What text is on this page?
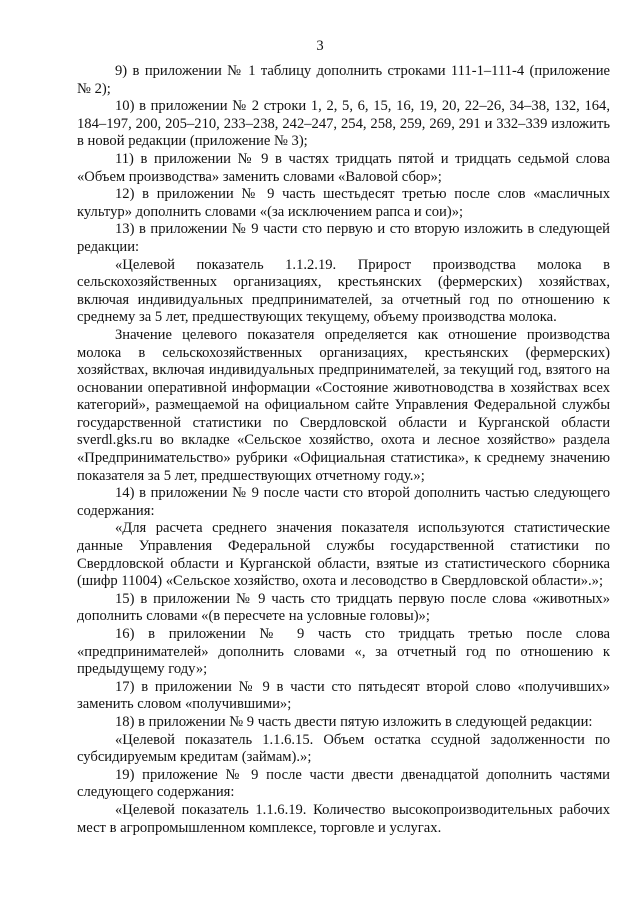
3

9) в приложении № 1 таблицу дополнить строками 111-1–111-4 (приложение № 2);

10) в приложении № 2 строки 1, 2, 5, 6, 15, 16, 19, 20, 22–26, 34–38, 132, 164, 184–197, 200, 205–210, 233–238, 242–247, 254, 258, 259, 269, 291 и 332–339 изложить в новой редакции (приложение № 3);

11) в приложении № 9 в частях тридцать пятой и тридцать седьмой слова «Объем производства» заменить словами «Валовой сбор»;

12) в приложении № 9 часть шестьдесят третью после слов «масличных культур» дополнить словами «(за исключением рапса и сои)»;

13) в приложении № 9 части сто первую и сто вторую изложить в следующей редакции:

«Целевой показатель 1.1.2.19. Прирост производства молока в сельскохозяйственных организациях, крестьянских (фермерских) хозяйствах, включая индивидуальных предпринимателей, за отчетный год по отношению к среднему за 5 лет, предшествующих текущему, объему производства молока.

Значение целевого показателя определяется как отношение производства молока в сельскохозяйственных организациях, крестьянских (фермерских) хозяйствах, включая индивидуальных предпринимателей, за текущий год, взятого на основании оперативной информации «Состояние животноводства в хозяйствах всех категорий», размещаемой на официальном сайте Управления Федеральной службы государственной статистики по Свердловской области и Курганской области sverdl.gks.ru во вкладке «Сельское хозяйство, охота и лесное хозяйство» раздела «Предпринимательство» рубрики «Официальная статистика», к среднему значению показателя за 5 лет, предшествующих отчетному году.»;

14) в приложении № 9 после части сто второй дополнить частью следующего содержания:

«Для расчета среднего значения показателя используются статистические данные Управления Федеральной службы государственной статистики по Свердловской области и Курганской области, взятые из статистического сборника (шифр 11004) «Сельское хозяйство, охота и лесоводство в Свердловской области».»;

15) в приложении № 9 часть сто тридцать первую после слова «животных» дополнить словами «(в пересчете на условные головы)»;

16) в приложении № 9 часть сто тридцать третью после слова «предпринимателей» дополнить словами «, за отчетный год по отношению к предыдущему году»;

17) в приложении № 9 в части сто пятьдесят второй слово «получивших» заменить словом «получившими»;

18) в приложении № 9 часть двести пятую изложить в следующей редакции:

«Целевой показатель 1.1.6.15. Объем остатка ссудной задолженности по субсидируемым кредитам (займам).»;

19) приложение № 9 после части двести двенадцатой дополнить частями следующего содержания:

«Целевой показатель 1.1.6.19. Количество высокопроизводительных рабочих мест в агропромышленном комплексе, торговле и услугах.
